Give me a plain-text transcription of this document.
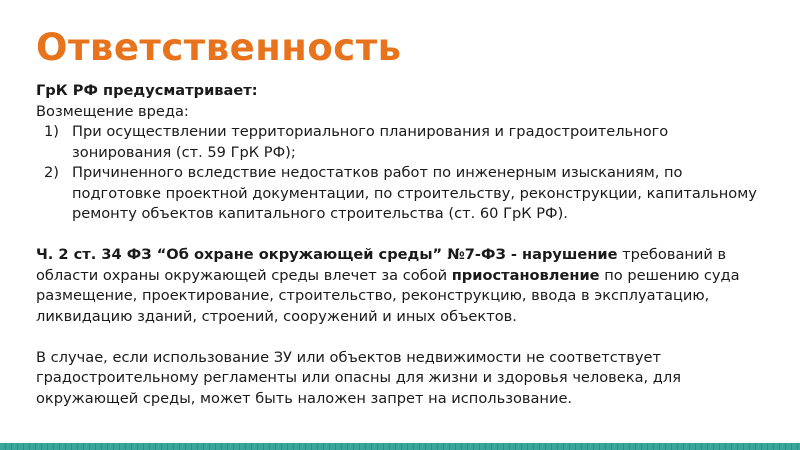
Ответственность

ГрК РФ предусматривает:

Возмещение вреда:

1) При осуществлении территориального планирования и градостроительного зонирования (ст. 59 ГрК РФ);
2) Причиненного вследствие недостатков работ по инженерным изысканиям, по подготовке проектной документации, по строительству, реконструкции, капитальному ремонту объектов капитального строительства (ст. 60 ГрК РФ).

Ч. 2 ст. 34 ФЗ “Об охране окружающей среды” №7-ФЗ - нарушение требований в области охраны окружающей среды влечет за собой приостановление по решению суда размещение, проектирование, строительство, реконструкцию, ввода в эксплуатацию, ликвидацию зданий, строений, сооружений и иных объектов.

В случае, если использование ЗУ или объектов недвижимости не соответствует градостроительному регламенты или опасны для жизни и здоровья человека, для окружающей среды, может быть наложен запрет на использование.
